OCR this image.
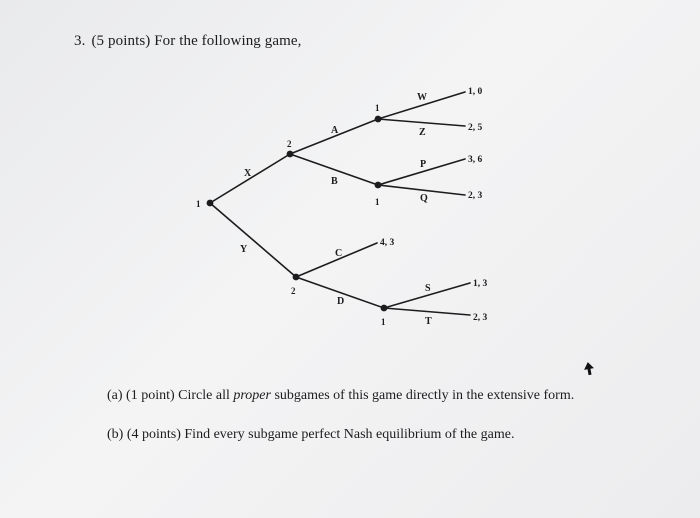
3. (5 points) For the following game,
1
2
2
1
1
1
X
Y
A
B
C
D
W
Z
P
Q
S
T
1, 0
2, 5
3, 6
2, 3
4, 3
1, 3
2, 3
(a) (1 point) Circle all proper subgames of this game directly in the extensive form.
(b) (4 points) Find every subgame perfect Nash equilibrium of the game.
